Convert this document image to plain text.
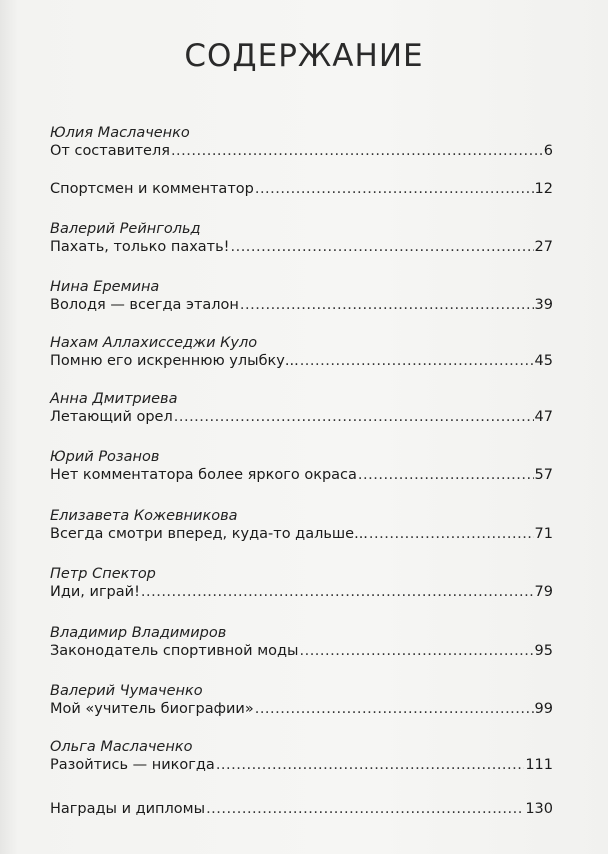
СОДЕРЖАНИЕ
Юлия Маслаченко
От составителя .....	6
Спортсмен и комментатор .....	12
Валерий Рейнгольд
Пахать, только пахать! .....	27
Нина Еремина
Володя — всегда эталон .....	39
Нахам Аллахисседжи Куло
Помню его искреннюю улыбку... .....	45
Анна Дмитриева
Летающий орел .....	47
Юрий Розанов
Нет комментатора более яркого окраса .....	57
Елизавета Кожевникова
Всегда смотри вперед, куда-то дальше... .....	71
Петр Спектор
Иди, играй! .....	79
Владимир Владимиров
Законодатель спортивной моды .....	95
Валерий Чумаченко
Мой «учитель биографии» .....	99
Ольга Маслаченко
Разойтись — никогда .....	111
Награды и дипломы .....	130
